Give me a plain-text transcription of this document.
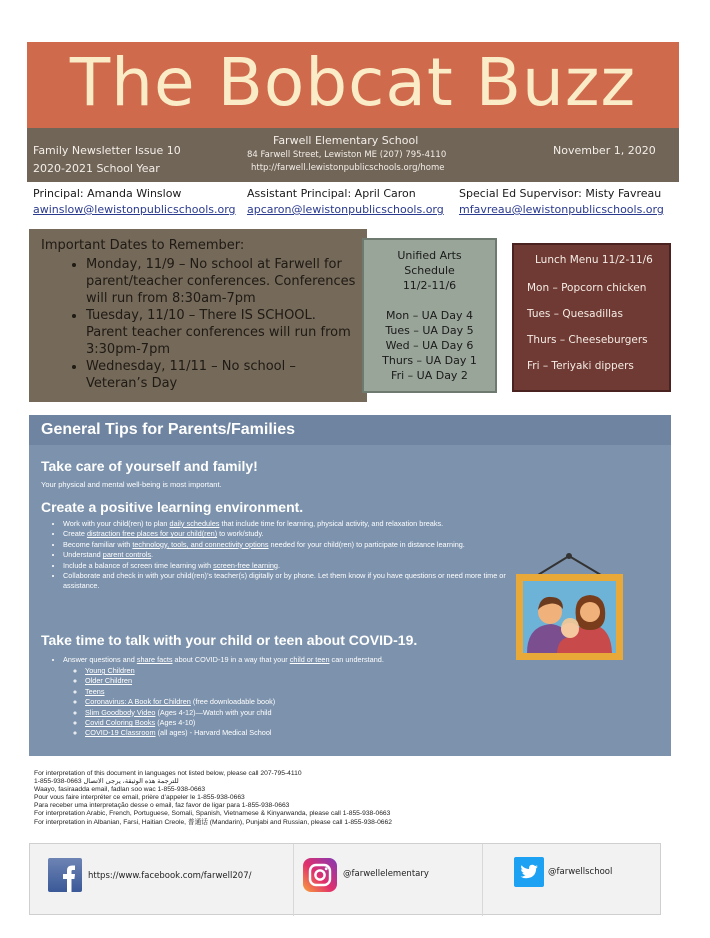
The Bobcat Buzz
Family Newsletter Issue 10
2020-2021 School Year
Farwell Elementary School
84 Farwell Street, Lewiston ME (207) 795-4110
http://farwell.lewistonpublicschools.org/home
November 1, 2020
Principal: Amanda Winslow
awinslow@lewistonpublicschools.org
Assistant Principal: April Caron
apcaron@lewistonpublicschools.org
Special Ed Supervisor: Misty Favreau
mfavreau@lewistonpublicschools.org
Important Dates to Remember:
• Monday, 11/9 – No school at Farwell for parent/teacher conferences. Conferences will run from 8:30am-7pm
• Tuesday, 11/10 – There IS SCHOOL. Parent teacher conferences will run from 3:30pm-7pm
• Wednesday, 11/11 – No school – Veteran’s Day
Unified Arts
Schedule
11/2-11/6
Mon – UA Day 4
Tues – UA Day 5
Wed – UA Day 6
Thurs – UA Day 1
Fri – UA Day 2
Lunch Menu 11/2-11/6
Mon – Popcorn chicken
Tues – Quesadillas
Thurs – Cheeseburgers
Fri – Teriyaki dippers
General Tips for Parents/Families
Take care of yourself and family!
Your physical and mental well-being is most important.
Create a positive learning environment.
• Work with your child(ren) to plan daily schedules that include time for learning, physical activity, and relaxation breaks.
• Create distraction free places for your child(ren) to work/study.
• Become familiar with technology, tools, and connectivity options needed for your child(ren) to participate in distance learning.
• Understand parent controls.
• Include a balance of screen time learning with screen-free learning.
• Collaborate and check in with your child(ren)’s teacher(s) digitally or by phone. Let them know if you have questions or need more time or assistance.
Take time to talk with your child or teen about COVID-19.
• Answer questions and share facts about COVID-19 in a way that your child or teen can understand.
◦ Young Children
◦ Older Children
◦ Teens
◦ Coronavirus: A Book for Children (free downloadable book)
◦ Slim Goodbody Video (Ages 4-12)—Watch with your child
◦ Covid Coloring Books (Ages 4-10)
◦ COVID-19 Classroom (all ages) - Harvard Medical School
For interpretation of this document in languages not listed below, please call 207-795-4110
1-855-938-0663 للترجمة هذه الوثيقة، يرجى الاتصال
Waayo, fasiraadda email, fadlan soo wac 1-855-938-0663
Pour vous faire interpréter ce email, prière d’appeler le 1-855-938-0663
Para receber uma interpretação desse o email, faz favor de ligar para 1-855-938-0663
For interpretation Arabic, French, Portuguese, Somali, Spanish, Vietnamese & Kinyarwanda, please call 1-855-938-0663
For interpretation in Albanian, Farsi, Haitian Creole, 普通话 (Mandarin), Punjabi and Russian, please call 1-855-938-0662
https://www.facebook.com/farwell207/	@farwellelementary	@farwellschool
